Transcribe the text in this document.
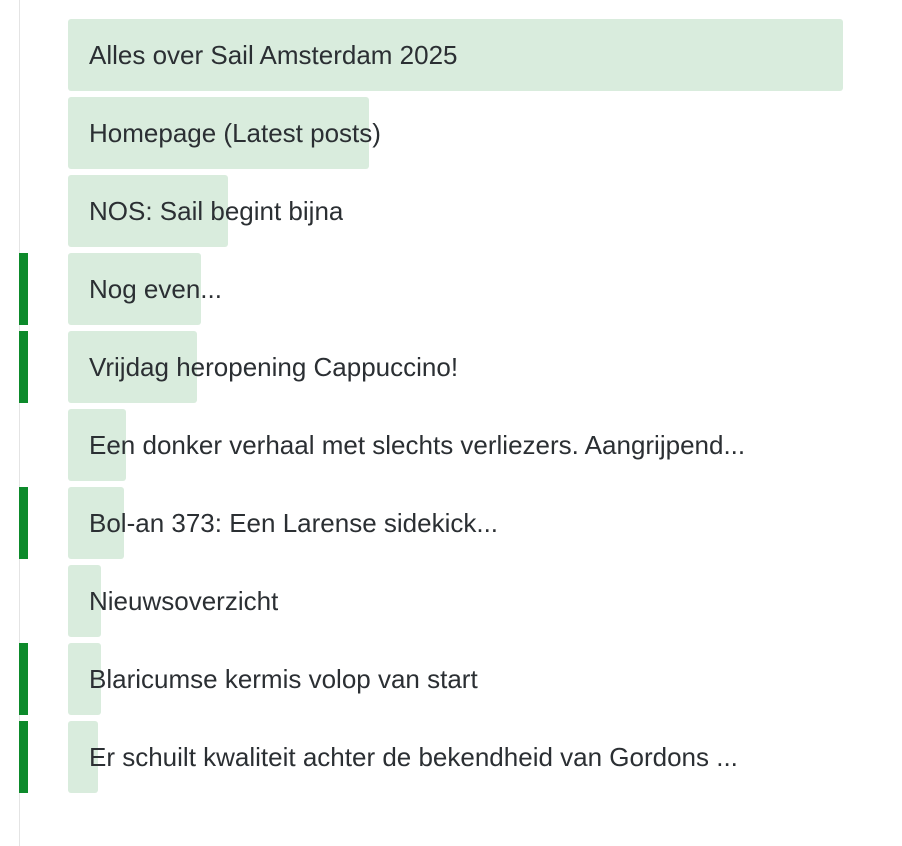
Alles over Sail Amsterdam 2025
Homepage (Latest posts)
NOS: Sail begint bijna
Nog even...
Vrijdag heropening Cappuccino!
Een donker verhaal met slechts verliezers. Aangrijpend...
Bol-an 373: Een Larense sidekick...
Nieuwsoverzicht
Blaricumse kermis volop van start
Er schuilt kwaliteit achter de bekendheid van Gordons ...
